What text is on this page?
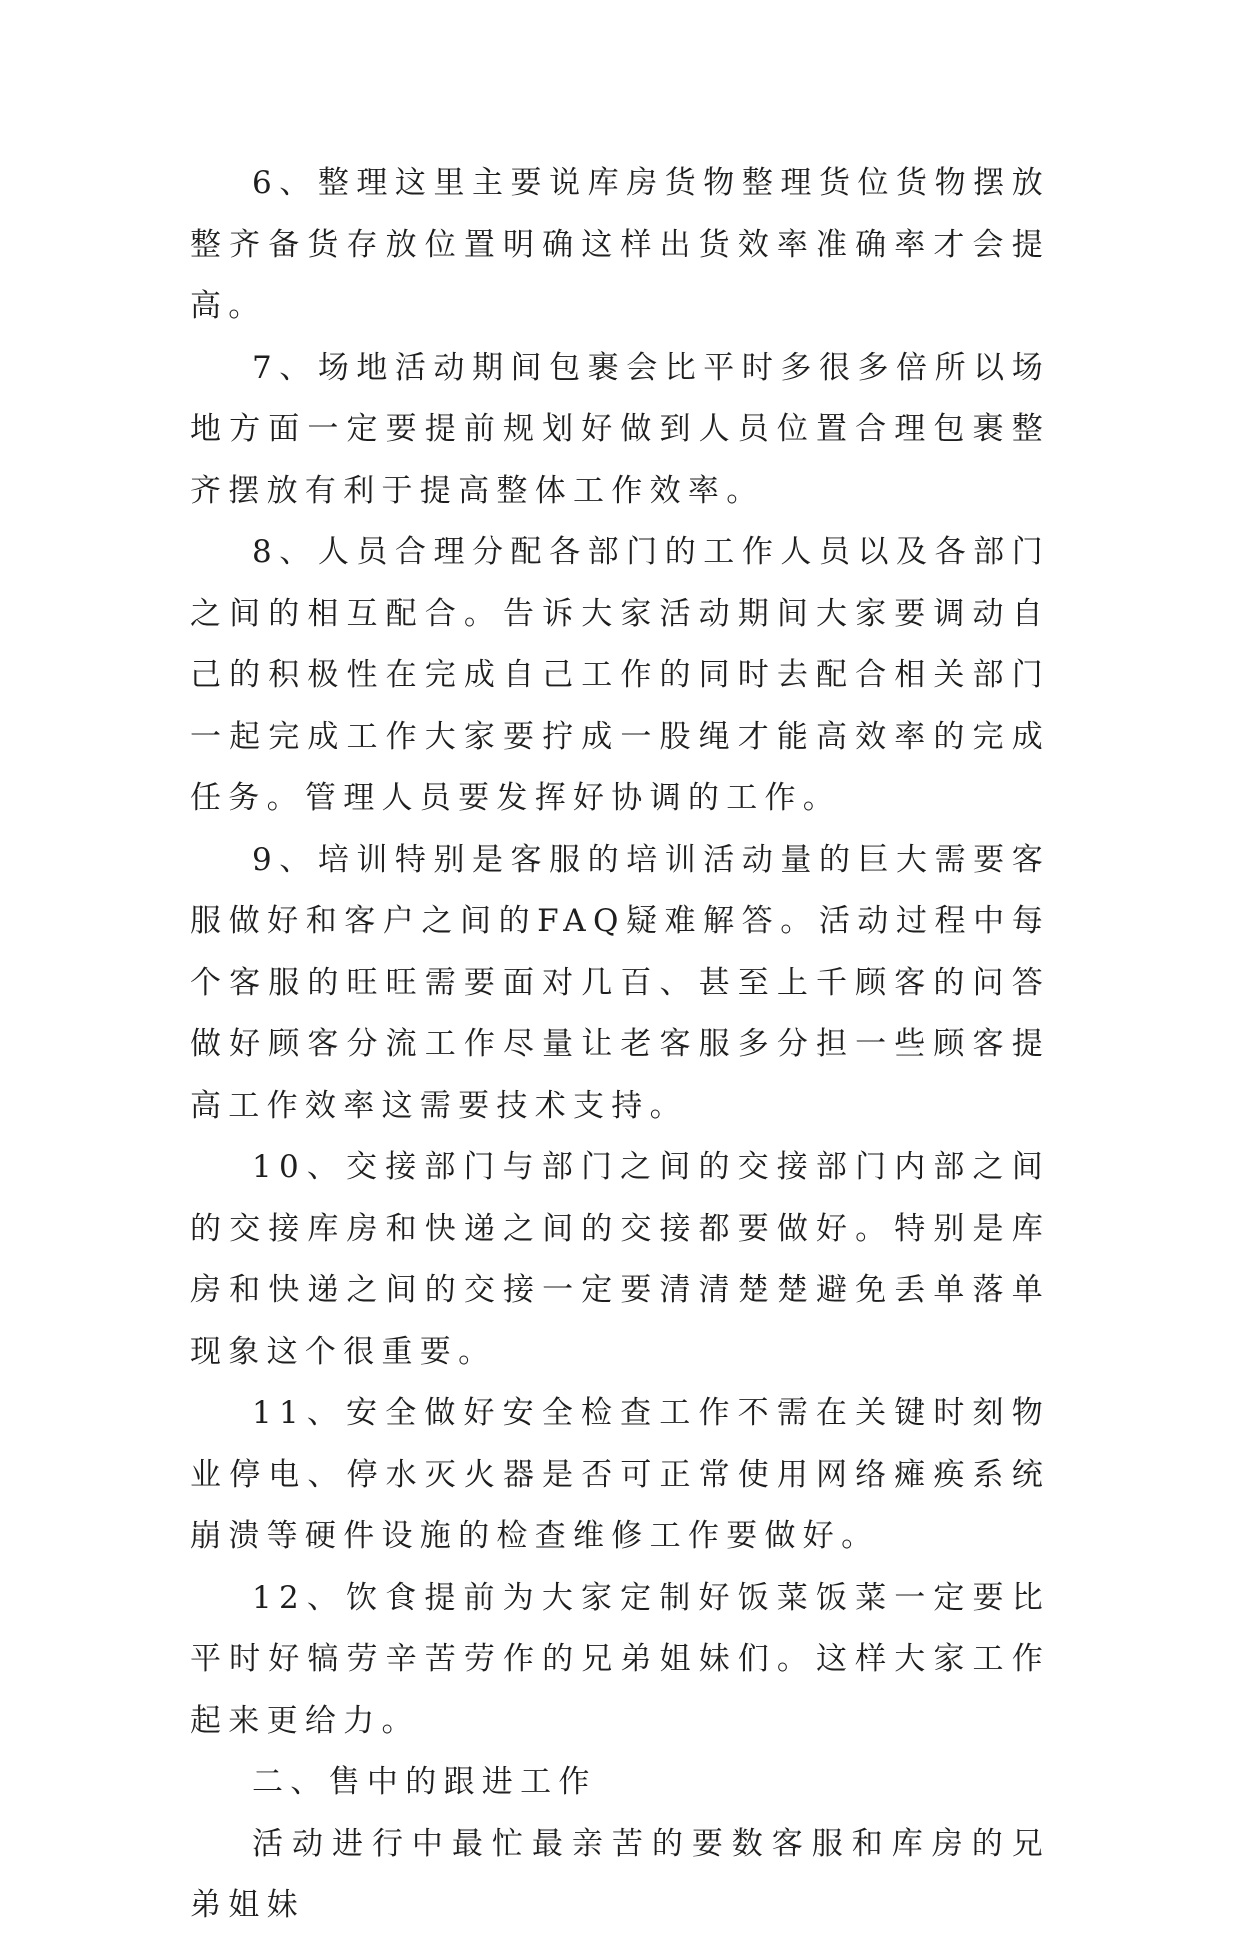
6、整理这里主要说库房货物整理货位货物摆放整齐备货存放位置明确这样出货效率准确率才会提高。

7、场地活动期间包裹会比平时多很多倍所以场地方面一定要提前规划好做到人员位置合理包裹整齐摆放有利于提高整体工作效率。

8、人员合理分配各部门的工作人员以及各部门之间的相互配合。告诉大家活动期间大家要调动自己的积极性在完成自己工作的同时去配合相关部门一起完成工作大家要拧成一股绳才能高效率的完成任务。管理人员要发挥好协调的工作。

9、培训特别是客服的培训活动量的巨大需要客服做好和客户之间的FAQ疑难解答。活动过程中每个客服的旺旺需要面对几百、甚至上千顾客的问答做好顾客分流工作尽量让老客服多分担一些顾客提高工作效率这需要技术支持。

10、交接部门与部门之间的交接部门内部之间的交接库房和快递之间的交接都要做好。特别是库房和快递之间的交接一定要清清楚楚避免丢单落单现象这个很重要。

11、安全做好安全检查工作不需在关键时刻物业停电、停水灭火器是否可正常使用网络瘫痪系统崩溃等硬件设施的检查维修工作要做好。

12、饮食提前为大家定制好饭菜饭菜一定要比平时好犒劳辛苦劳作的兄弟姐妹们。这样大家工作起来更给力。

二、售中的跟进工作

活动进行中最忙最亲苦的要数客服和库房的兄弟姐妹
